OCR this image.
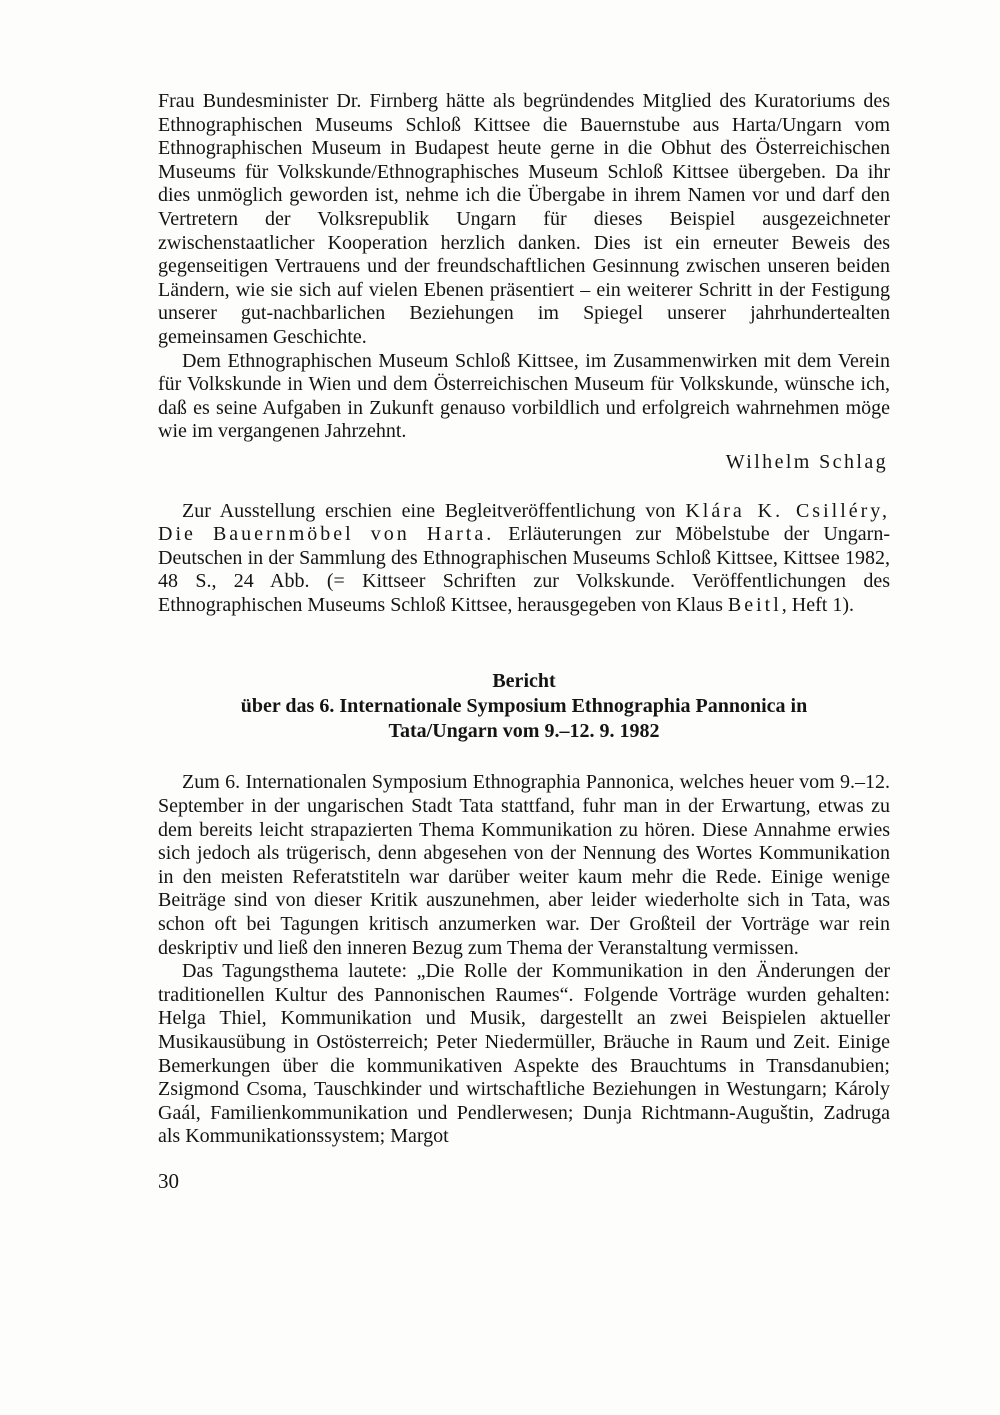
Frau Bundesminister Dr. Firnberg hätte als begründendes Mitglied des Kuratoriums des Ethnographischen Museums Schloß Kittsee die Bauernstube aus Harta/Ungarn vom Ethnographischen Museum in Budapest heute gerne in die Obhut des Österreichischen Museums für Volkskunde/Ethnographisches Museum Schloß Kittsee übergeben. Da ihr dies unmöglich geworden ist, nehme ich die Übergabe in ihrem Namen vor und darf den Vertretern der Volksrepublik Ungarn für dieses Beispiel ausgezeichneter zwischenstaatlicher Kooperation herzlich danken. Dies ist ein erneuter Beweis des gegenseitigen Vertrauens und der freundschaftlichen Gesinnung zwischen unseren beiden Ländern, wie sie sich auf vielen Ebenen präsentiert – ein weiterer Schritt in der Festigung unserer gut-nachbarlichen Beziehungen im Spiegel unserer jahrhundertealten gemeinsamen Geschichte.

Dem Ethnographischen Museum Schloß Kittsee, im Zusammenwirken mit dem Verein für Volkskunde in Wien und dem Österreichischen Museum für Volkskunde, wünsche ich, daß es seine Aufgaben in Zukunft genauso vorbildlich und erfolgreich wahrnehmen möge wie im vergangenen Jahrzehnt.

Wilhelm Schlag

Zur Ausstellung erschien eine Begleitveröffentlichung von Klára K. Csilléry, Die Bauernmöbel von Harta. Erläuterungen zur Möbelstube der Ungarn-Deutschen in der Sammlung des Ethnographischen Museums Schloß Kittsee, Kittsee 1982, 48 S., 24 Abb. (= Kittseer Schriften zur Volkskunde. Veröffentlichungen des Ethnographischen Museums Schloß Kittsee, herausgegeben von Klaus Beitl, Heft 1).

Bericht
über das 6. Internationale Symposium Ethnographia Pannonica in
Tata/Ungarn vom 9.–12. 9. 1982

Zum 6. Internationalen Symposium Ethnographia Pannonica, welches heuer vom 9.–12. September in der ungarischen Stadt Tata stattfand, fuhr man in der Erwartung, etwas zu dem bereits leicht strapazierten Thema Kommunikation zu hören. Diese Annahme erwies sich jedoch als trügerisch, denn abgesehen von der Nennung des Wortes Kommunikation in den meisten Referatstiteln war darüber weiter kaum mehr die Rede. Einige wenige Beiträge sind von dieser Kritik auszunehmen, aber leider wiederholte sich in Tata, was schon oft bei Tagungen kritisch anzumerken war. Der Großteil der Vorträge war rein deskriptiv und ließ den inneren Bezug zum Thema der Veranstaltung vermissen.

Das Tagungsthema lautete: „Die Rolle der Kommunikation in den Änderungen der traditionellen Kultur des Pannonischen Raumes“. Folgende Vorträge wurden gehalten: Helga Thiel, Kommunikation und Musik, dargestellt an zwei Beispielen aktueller Musikausübung in Ostösterreich; Peter Niedermüller, Bräuche in Raum und Zeit. Einige Bemerkungen über die kommunikativen Aspekte des Brauchtums in Transdanubien; Zsigmond Csoma, Tauschkinder und wirtschaftliche Beziehungen in Westungarn; Károly Gaál, Familienkommunikation und Pendlerwesen; Dunja Richtmann-Auguštin, Zadruga als Kommunikationssystem; Margot

30
